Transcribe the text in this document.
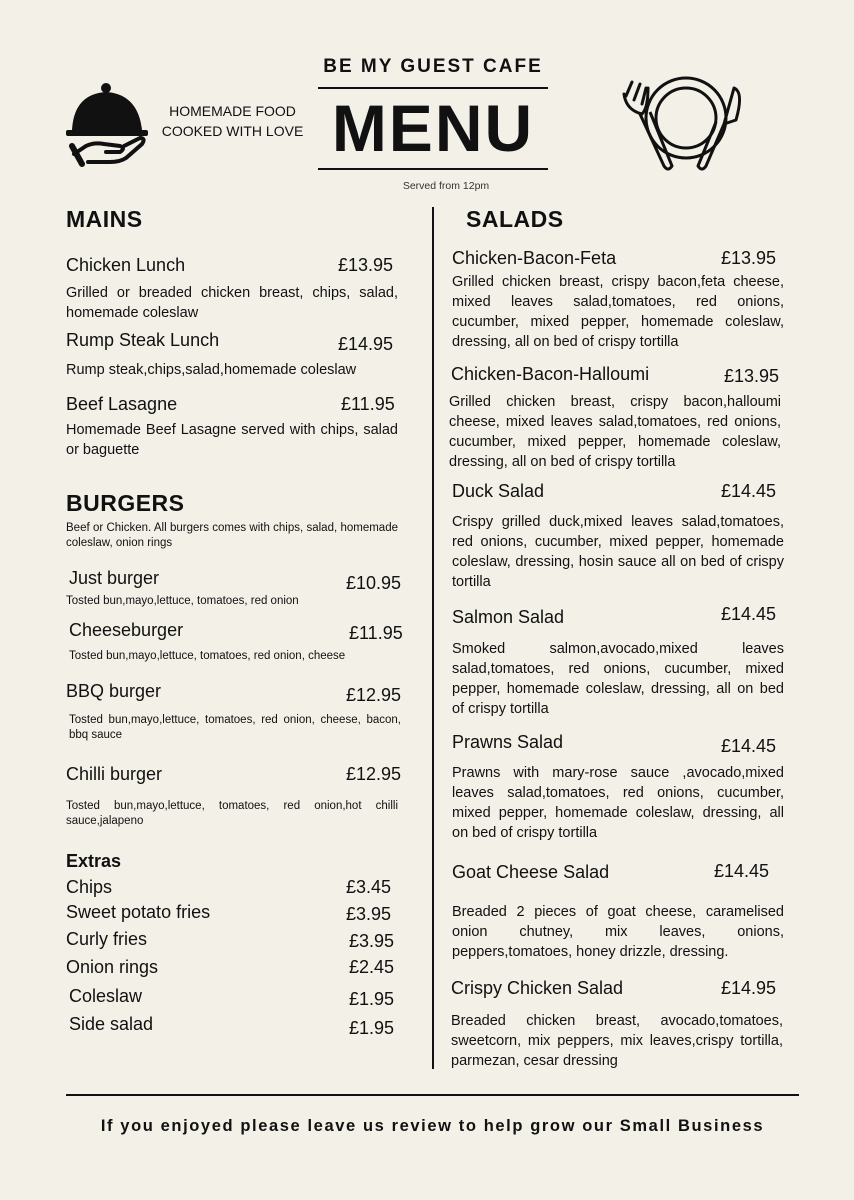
BE MY GUEST CAFE
MENU
Served from 12pm
HOMEMADE FOOD
COOKED WITH LOVE
MAINS
Chicken Lunch	£13.95
Grilled or breaded chicken breast, chips, salad, homemade coleslaw
Rump Steak Lunch	£14.95
Rump steak,chips,salad,homemade coleslaw
Beef Lasagne	£11.95
Homemade Beef Lasagne served with chips, salad or baguette
BURGERS
Beef or Chicken. All burgers comes with chips, salad, homemade coleslaw, onion rings
Just burger	£10.95
Tosted bun,mayo,lettuce, tomatoes, red onion
Cheeseburger	£11.95
Tosted bun,mayo,lettuce, tomatoes, red onion, cheese
BBQ burger	£12.95
Tosted bun,mayo,lettuce, tomatoes, red onion, cheese, bacon, bbq sauce
Chilli burger	£12.95
Tosted bun,mayo,lettuce, tomatoes, red onion,hot chilli sauce,jalapeno
Extras
Chips	£3.45
Sweet potato fries	£3.95
Curly fries	£3.95
Onion rings	£2.45
Coleslaw	£1.95
Side salad	£1.95
SALADS
Chicken-Bacon-Feta	£13.95
Grilled chicken breast, crispy bacon,feta cheese, mixed leaves salad,tomatoes, red onions, cucumber, mixed pepper, homemade coleslaw, dressing, all on bed of crispy tortilla
Chicken-Bacon-Halloumi	£13.95
Grilled chicken breast, crispy bacon,halloumi cheese, mixed leaves salad,tomatoes, red onions, cucumber, mixed pepper, homemade coleslaw, dressing, all on bed of crispy tortilla
Duck Salad	£14.45
Crispy grilled duck,mixed leaves salad,tomatoes, red onions, cucumber, mixed pepper, homemade coleslaw, dressing, hosin sauce all on bed of crispy tortilla
Salmon Salad	£14.45
Smoked salmon,avocado,mixed leaves salad,tomatoes, red onions, cucumber, mixed pepper, homemade coleslaw, dressing, all on bed of crispy tortilla
Prawns Salad	£14.45
Prawns with mary-rose sauce ,avocado,mixed leaves salad,tomatoes, red onions, cucumber, mixed pepper, homemade coleslaw, dressing, all on bed of crispy tortilla
Goat Cheese Salad	£14.45
Breaded 2 pieces of goat cheese, caramelised onion chutney, mix leaves, onions, peppers,tomatoes, honey drizzle, dressing.
Crispy Chicken Salad	£14.95
Breaded chicken breast, avocado,tomatoes, sweetcorn, mix peppers, mix leaves,crispy tortilla, parmezan, cesar dressing
If you enjoyed please leave us review to help grow our Small Business
